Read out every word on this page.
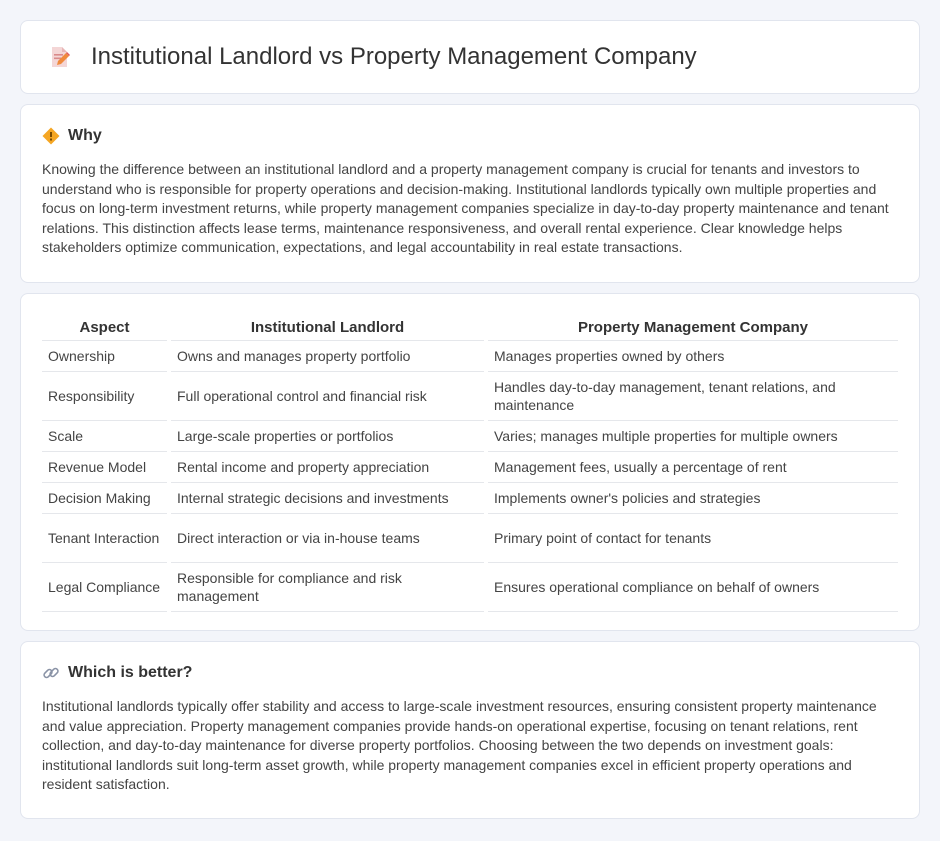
Institutional Landlord vs Property Management Company
Why

Knowing the difference between an institutional landlord and a property management company is crucial for tenants and investors to understand who is responsible for property operations and decision-making. Institutional landlords typically own multiple properties and focus on long-term investment returns, while property management companies specialize in day-to-day property maintenance and tenant relations. This distinction affects lease terms, maintenance responsiveness, and overall rental experience. Clear knowledge helps stakeholders optimize communication, expectations, and legal accountability in real estate transactions.

Aspect	Institutional Landlord	Property Management Company
Ownership	Owns and manages property portfolio	Manages properties owned by others
Responsibility	Full operational control and financial risk	Handles day-to-day management, tenant relations, and maintenance
Scale	Large-scale properties or portfolios	Varies; manages multiple properties for multiple owners
Revenue Model	Rental income and property appreciation	Management fees, usually a percentage of rent
Decision Making	Internal strategic decisions and investments	Implements owner's policies and strategies
Tenant Interaction	Direct interaction or via in-house teams	Primary point of contact for tenants
Legal Compliance	Responsible for compliance and risk management	Ensures operational compliance on behalf of owners
Which is better?

Institutional landlords typically offer stability and access to large-scale investment resources, ensuring consistent property maintenance and value appreciation. Property management companies provide hands-on operational expertise, focusing on tenant relations, rent collection, and day-to-day maintenance for diverse property portfolios. Choosing between the two depends on investment goals: institutional landlords suit long-term asset growth, while property management companies excel in efficient property operations and resident satisfaction.
